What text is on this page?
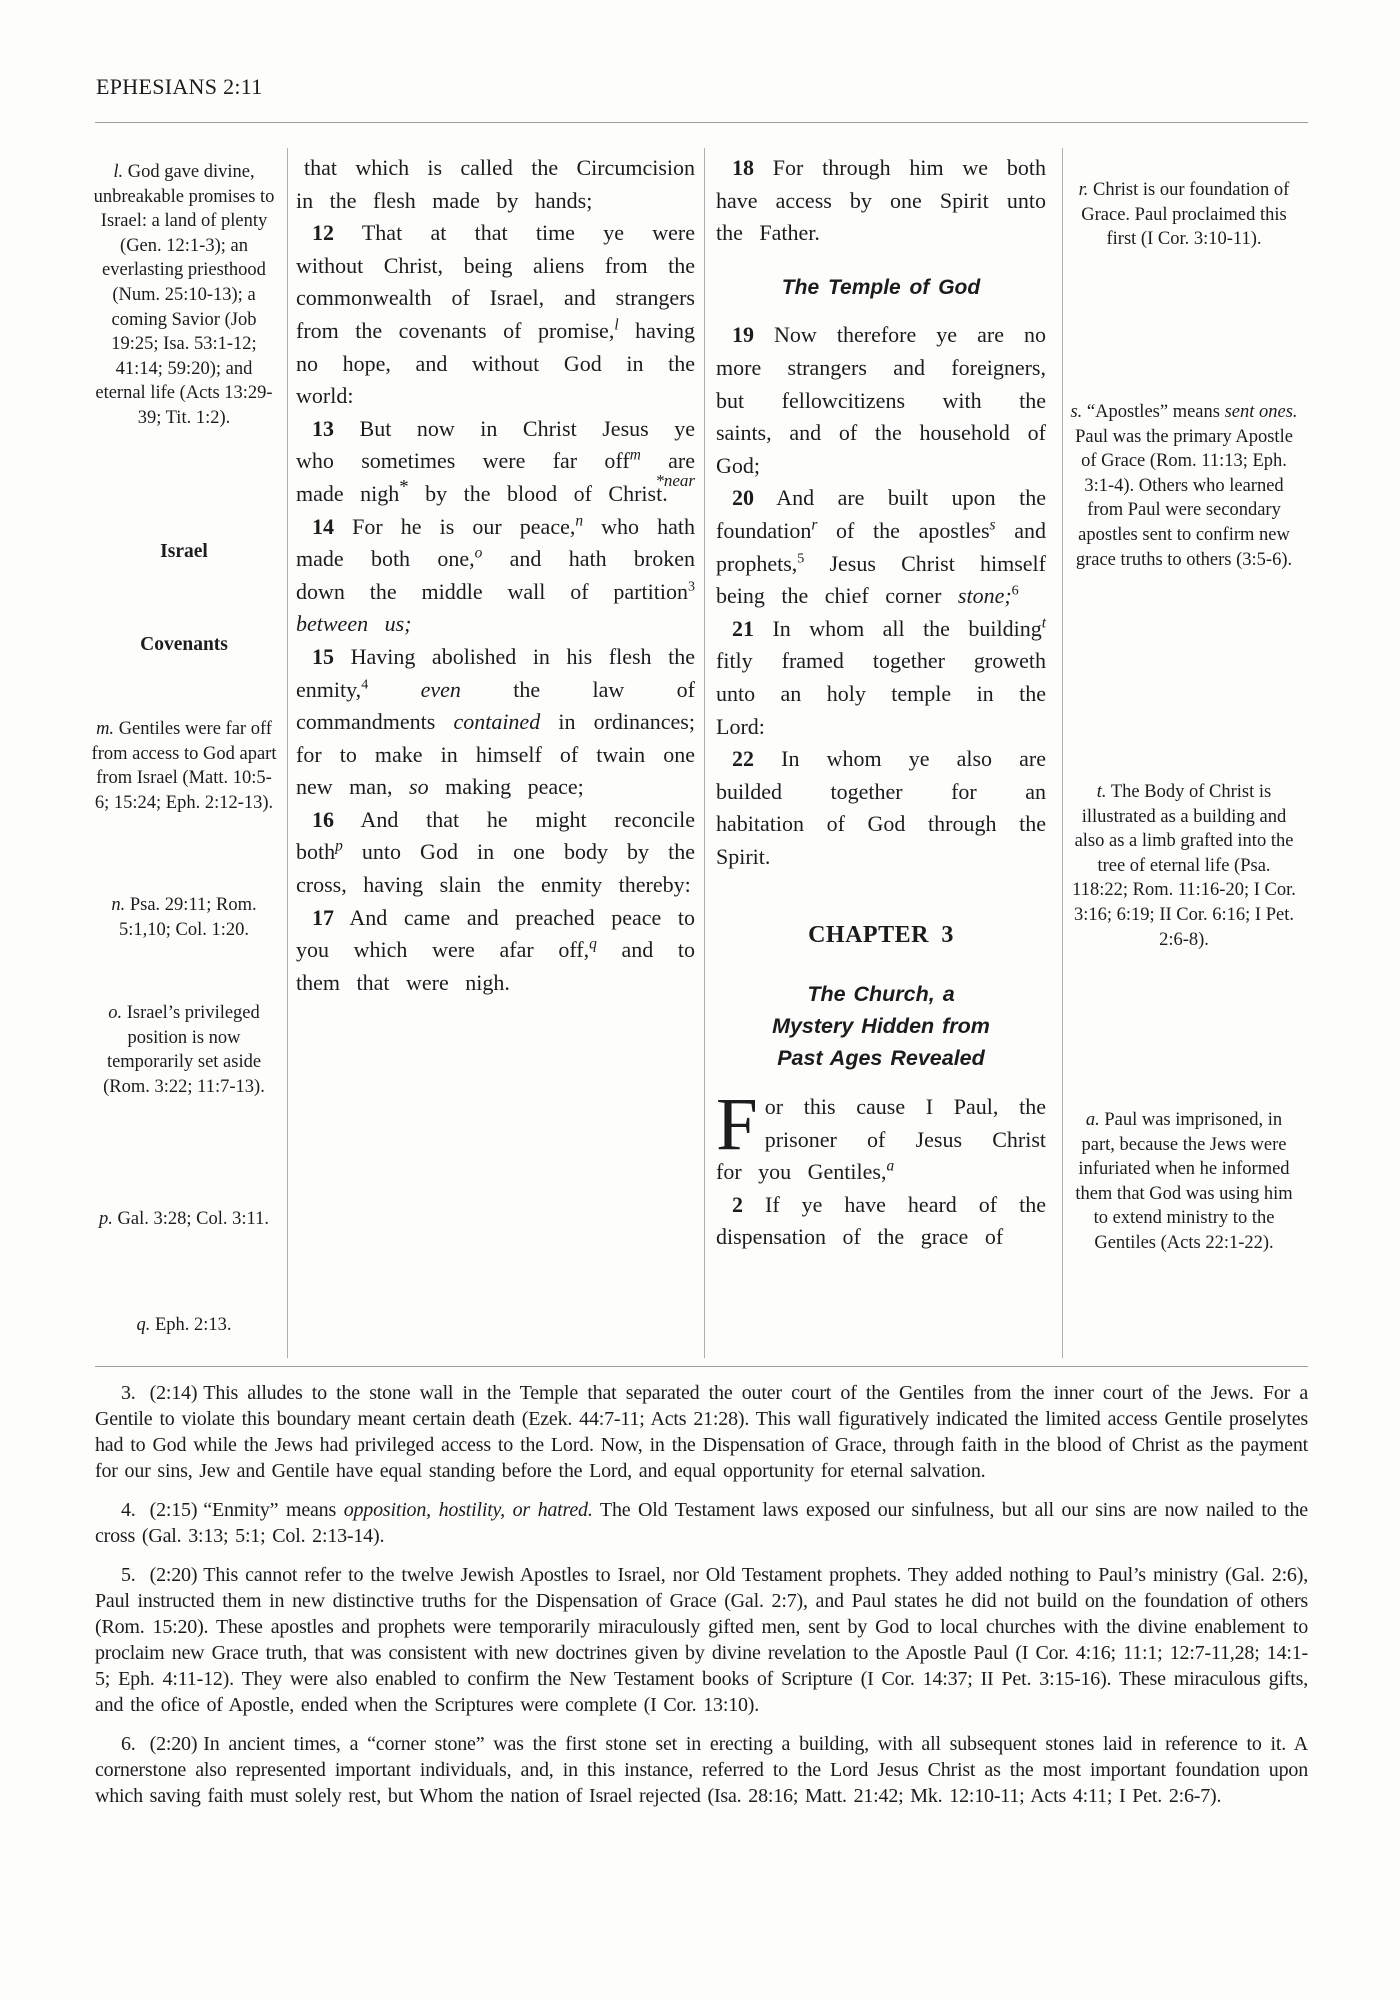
EPHESIANS 2:11

l. God gave divine, unbreakable promises to Israel: a land of plenty (Gen. 12:1-3); an everlasting priesthood (Num. 25:10-13); a coming Savior (Job 19:25; Isa. 53:1-12; 41:14; 59:20); and eternal life (Acts 13:29-39; Tit. 1:2).

Israel

Covenants

m. Gentiles were far off from access to God apart from Israel (Matt. 10:5-6; 15:24; Eph. 2:12-13).

n. Psa. 29:11; Rom. 5:1,10; Col. 1:20.

o. Israel’s privileged position is now temporarily set aside (Rom. 3:22; 11:7-13).

p. Gal. 3:28; Col. 3:11.

q. Eph. 2:13.

that which is called the Circumcision in the flesh made by hands;

12 That at that time ye were without Christ, being aliens from the commonwealth of Israel, and strangers from the covenants of promise,$^l$ having no hope, and without God in the world:

13 But now in Christ Jesus ye who sometimes were far off$^m$ are made nigh* by the blood of Christ.
*near

14 For he is our peace,$^n$ who hath made both one,$^o$ and hath broken down the middle wall of partition$^3$ between us;

15 Having abolished in his flesh the enmity,$^4$ even the law of commandments contained in ordinances; for to make in himself of twain one new man, so making peace;

16 And that he might reconcile both$^p$ unto God in one body by the cross, having slain the enmity thereby:

17 And came and preached peace to you which were afar off,$^q$ and to them that were nigh.

18 For through him we both have access by one Spirit unto the Father.

The Temple of God

19 Now therefore ye are no more strangers and foreigners, but fellowcitizens with the saints, and of the household of God;

20 And are built upon the foundation$^r$ of the apostles$^s$ and prophets,$^5$ Jesus Christ himself being the chief corner stone;$^6$

21 In whom all the building$^t$ fitly framed together groweth unto an holy temple in the Lord:

22 In whom ye also are builded together for an habitation of God through the Spirit.

CHAPTER 3
The Church, a
Mystery Hidden from
Past Ages Revealed

For this cause I Paul, the prisoner of Jesus Christ for you Gentiles,$^a$

2 If ye have heard of the dispensation of the grace of

r. Christ is our foundation of Grace. Paul proclaimed this first (I Cor. 3:10-11).

s. “Apostles” means sent ones. Paul was the primary Apostle of Grace (Rom. 11:13; Eph. 3:1-4). Others who learned from Paul were secondary apostles sent to confirm new grace truths to others (3:5-6).

t. The Body of Christ is illustrated as a building and also as a limb grafted into the tree of eternal life (Psa. 118:22; Rom. 11:16-20; I Cor. 3:16; 6:19; II Cor. 6:16; I Pet. 2:6-8).

a. Paul was imprisoned, in part, because the Jews were infuriated when he informed them that God was using him to extend ministry to the Gentiles (Acts 22:1-22).

3. (2:14) This alludes to the stone wall in the Temple that separated the outer court of the Gentiles from the inner court of the Jews. For a Gentile to violate this boundary meant certain death (Ezek. 44:7-11; Acts 21:28). This wall figuratively indicated the limited access Gentile proselytes had to God while the Jews had privileged access to the Lord. Now, in the Dispensation of Grace, through faith in the blood of Christ as the payment for our sins, Jew and Gentile have equal standing before the Lord, and equal opportunity for eternal salvation.

4. (2:15) “Enmity” means opposition, hostility, or hatred. The Old Testament laws exposed our sinfulness, but all our sins are now nailed to the cross (Gal. 3:13; 5:1; Col. 2:13-14).

5. (2:20) This cannot refer to the twelve Jewish Apostles to Israel, nor Old Testament prophets. They added nothing to Paul’s ministry (Gal. 2:6), Paul instructed them in new distinctive truths for the Dispensation of Grace (Gal. 2:7), and Paul states he did not build on the foundation of others (Rom. 15:20). These apostles and prophets were temporarily miraculously gifted men, sent by God to local churches with the divine enablement to proclaim new Grace truth, that was consistent with new doctrines given by divine revelation to the Apostle Paul (I Cor. 4:16; 11:1; 12:7-11,28; 14:1-5; Eph. 4:11-12). They were also enabled to confirm the New Testament books of Scripture (I Cor. 14:37; II Pet. 3:15-16). These miraculous gifts, and the ofice of Apostle, ended when the Scriptures were complete (I Cor. 13:10).

6. (2:20) In ancient times, a “corner stone” was the first stone set in erecting a building, with all subsequent stones laid in reference to it. A cornerstone also represented important individuals, and, in this instance, referred to the Lord Jesus Christ as the most important foundation upon which saving faith must solely rest, but Whom the nation of Israel rejected (Isa. 28:16; Matt. 21:42; Mk. 12:10-11; Acts 4:11; I Pet. 2:6-7).
